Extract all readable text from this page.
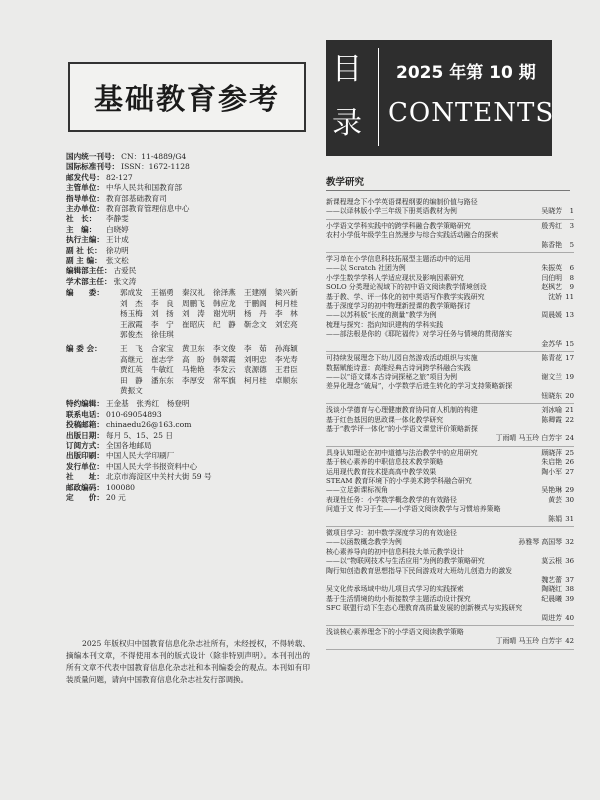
基础教育参考
国内统一刊号： CN：11-4889/G4
国际标准刊号： ISSN：1672-1128
邮发代号： 82-127
主管单位： 中华人民共和国教育部
指导单位： 教育部基础教育司
主办单位： 教育部教育管理信息中心
社　长：	李静雯
主　编：	白晓婷
执行主编： 王计成
副 社 长： 徐功明
副 主 编： 张文松
编辑部主任： 古爱民
学术部主任： 张文涛
编　　委：	郭成发	王福勇	秦汉礼	徐泽燕	王建刚	梁兴新
刘　杰	李　良	周鹏飞	韩应龙	于鹏阁	柯月桂
杨玉梅	刘　扬	刘　涛	谢光明	杨　丹	李　林
王淑霞	李　宁	崔昭庆	纪　静	靳念文	刘宏亮
郭俊杰	徐佳琪
编 委 会：	王　飞	合家宝	黄卫东	李文俊	李　茹	孙海颖
高继元	崔志学	高　盼	韩翠霞	刘明忠	李光寿
贾红英	牛敏红	马艳艳	李发云	袁源德	王君臣
田　静	潘东东	李厚安	常军旗	柯月桂	卓顺东
黄振文
特约编辑： 王金基　张秀红　杨登明
联系电话： 010-69054893
投稿邮箱： chinaedu26@163.com
出版日期： 每月 5、15、25 日
订阅方式： 全国各地邮局
出版印刷： 中国人民大学印刷厂
发行单位： 中国人民大学书报资料中心
社　　址： 北京市海淀区中关村大街 59 号
邮政编码： 100080
定　　价： 20 元
2025 年版权归中国教育信息化杂志社所有，未经授权，不得转载、摘编本刊文章，不得使用本刊的版式设计（除非特别声明）。本刊刊出的所有文章不代表中国教育信息化杂志社和本刊编委会的观点。本刊如有印装质量问题，请向中国教育信息化杂志社发行部调换。
目
录
2025 年第 10 期
CONTENTS
教学研究
新课程理念下小学英语课程纲要的编制价值与路径
——以译林版小学三年级下册英语教材为例	吴晓芳	1
小学语文学科实践中的跨学科融合教学策略研究	殷秀红	3
农村小学低年级学生自然漫步与综合实践活动融合的探索
陈香艳	5
学习单在小学信息科技拓展型主题活动中的运用
——以 Scratch 社团为例	朱振英	6
小学生数学学科人学适应现状及影响因素研究	闫伯明	8
SOLO 分类理论视域下的初中语文阅读教学情境创设	赵枫艺	9
基于教、学、评一体化的初中英语写作教学实践研究	沈娇 11
基于深度学习的初中物理新授课的教学策略探讨
——以苏科版“长度的测量”教学为例	周晨媛 13
梳理与探究：指向知识建构的学科实践
——部法根是你的《耶陀福传》对学习任务与情境的贯彻落实
金苏华 15
可持续发展理念下幼儿园自然游戏活动组织与实施	陈青花 17
数据赋能诗意：高维经典古诗词跨学科融合实践
——以“语文课本古诗词探秘之旅”项目为例	谢文兰 19
差异化理念“破局”，小学数学后进生转化的学习支持策略新探
钮晓东 20
浅谈小学德育与心理健康教育协同育人机制的构建	刘冰喻 21
基于红色基因的思政课一体化教学研究	陈卿霞 22
基于“教学评一体化”的小学语文课堂评价策略新探
丁雨晴 马玉玲 白芳宇 24
具身认知理论在初中道德与法治教学中的应用研究	顾晓萍 25
基于核心素养的中职信息技术教学策略	朱启艳 26
运用现代教育技术提高高中教学效果	陶小军 27
STEAM 教育环境下的小学美术跨学科融合研究
——立足新课标视角	吴艳琳 29
表现性任务：小学数学概念教学的有效路径	黄芸 30
问道于文 传习于生——小学语文阅读教学与习惯培养策略
陈娟 31
微项目学习：初中数学深度学习的有效途径
——以函数概念教学为例	孙雅琴 高国琴 32
核心素养导向的初中信息科技大单元教学设计
——以“物联网技术与生活应用”为例的教学策略研究	莫云根 36
陶行知创造教育思想指导下民间游戏对大班幼儿创造力的激发
魏艺蕾 37
吴文化传承场域中幼儿项目式学习的实践探索	陶晓红 38
基于生活情境的幼小衔接数学主题活动设计探究	纪晨曦 39
SFC 联盟行动下生态心理教育高质量发展的创新模式与实践研究
周进芳 40
浅谈核心素养理念下的小学语文阅读教学策略
丁雨晴 马玉玲 白芳宇 42
